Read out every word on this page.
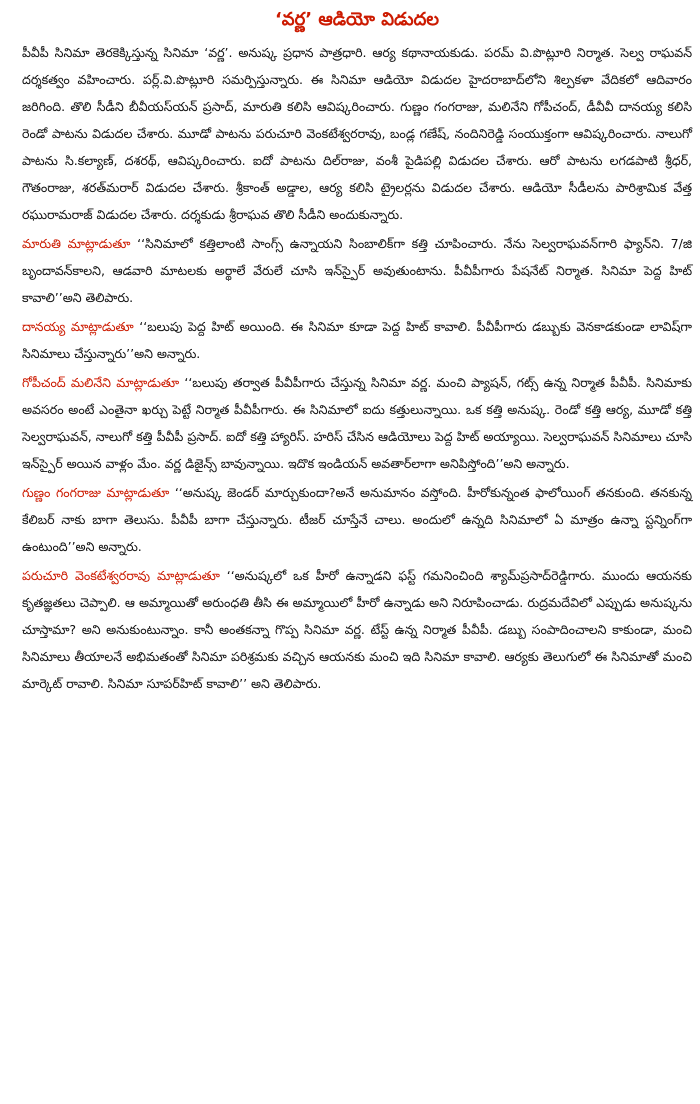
‘వర్ణ’ ఆడియో విడుదల

పీవీపీ సినిమా తెరకెక్కిస్తున్న సినిమా ‘వర్ణ’. అనుష్క ప్రధాన పాత్రధారి. ఆర్య కథానాయకుడు. పరమ్ వి.పొట్లూరి నిర్మాత. సెల్వ రాఘవన్ దర్శకత్వం వహించారు. పర్ల్.వి.పొట్లూరి సమర్పిస్తున్నారు. ఈ సినిమా ఆడియో విడుదల హైదరాబాద్‌లోని శిల్పకళా వేదికలో ఆదివారం జరిగింది. తొలి సీడీని బీవీయస్‌యన్ ప్రసాద్, మారుతి కలిసి ఆవిష్కరించారు. గుణ్ణం గంగరాజు, మలినేని గోపీచంద్, డీవీవీ దానయ్య కలిసి రెండో పాటను విడుదల చేశారు. మూడో పాటను పరుచూరి వెంకటేశ్వరరావు, బండ్ల గణేష్, నందినిరెడ్డి సంయుక్తంగా ఆవిష్కరించారు. నాలుగో పాటను సి.కల్యాణ్, దశరథ్, ఆవిష్కరించారు. ఐదో పాటను దిల్‌రాజు, వంశీ పైడిపల్లి విడుదల చేశారు. ఆరో పాటను లగడపాటి శ్రీధర్, గౌతంరాజు, శరత్‌మరార్ విడుదల చేశారు. శ్రీకాంత్ అడ్డాల, ఆర్య కలిసి ట్రైలర్లను విడుదల చేశారు. ఆడియో సీడీలను పారిశ్రామిక వేత్త రఘురామరాజ్ విడుదల చేశారు. దర్శకుడు శ్రీరాఘవ తొలి సీడీని అందుకున్నారు.

మారుతి మాట్లాడుతూ ‘‘సినిమాలో కత్తిలాంటి సాంగ్స్ ఉన్నాయని సింబాలిక్‌గా కత్తి చూపించారు. నేను సెల్వరాఘవన్‌గారి ఫ్యాన్‌ని. 7/జి బృందావన్‌కాలని, ఆడవారి మాటలకు అర్థాలే వేరులే చూసి ఇన్‌స్పైర్ అవుతుంటాను. పీవీపీగారు పేషనేట్ నిర్మాత. సినిమా పెద్ద హిట్ కావాలి’’అని తెలిపారు.

దానయ్య మాట్లాడుతూ ‘‘బలుపు పెద్ద హిట్ అయింది. ఈ సినిమా కూడా పెద్ద హిట్ కావాలి. పీవీపీగారు డబ్బుకు వెనకాడకుండా లావిష్‌గా సినిమాలు చేస్తున్నారు’’అని అన్నారు.

గోపీచంద్ మలినేని మాట్లాడుతూ ‘‘బలుపు తర్వాత పీవీపీగారు చేస్తున్న సినిమా వర్ణ. మంచి ప్యాషన్, గట్స్ ఉన్న నిర్మాత పీవీపీ. సినిమాకు అవసరం అంటే ఎంతైనా ఖర్చు పెట్టే నిర్మాత పీవీపీగారు. ఈ సినిమాలో ఐదు కత్తులున్నాయి. ఒక కత్తి అనుష్క. రెండో కత్తి ఆర్య, మూడో కత్తి సెల్వరాఘవన్, నాలుగో కత్తి పీవీపీ ప్రసాద్. ఐదో కత్తి హ్యారిస్. హరిస్ చేసిన ఆడియోలు పెద్ద హిట్ అయ్యాయి. సెల్వరాఘవన్ సినిమాలు చూసి ఇన్‌స్పైర్ అయిన వాళ్లం మేం. వర్ణ డిజైన్స్ బావున్నాయి. ఇదొక ఇండియన్ అవతార్‌లాగా అనిపిస్తోంది’’అని అన్నారు.

గుణ్ణం గంగరాజు మాట్లాడుతూ ‘‘అనుష్క జెండర్ మార్చుకుందా?అనే అనుమానం వస్తోంది. హీరోకున్నంత ఫాలోయింగ్ తనకుంది. తనకున్న కేలిబర్ నాకు బాగా తెలుసు. పీవీపీ బాగా చేస్తున్నారు. టీజర్ చూస్తేనే చాలు. అందులో ఉన్నది సినిమాలో ఏ మాత్రం ఉన్నా స్టన్నింగ్‌గా ఉంటుంది’’అని అన్నారు.

పరుచూరి వెంకటేశ్వరరావు మాట్లాడుతూ ‘‘అనుష్కలో ఒక హీరో ఉన్నాడని ఫస్ట్ గమనించింది శ్యామ్‌ప్రసాద్‌రెడ్డిగారు. ముందు ఆయనకు కృతజ్ఞతలు చెప్పాలి. ఆ అమ్మాయితో అరుంధతి తీసి ఈ అమ్మాయిలో హీరో ఉన్నాడు అని నిరూపించాడు. రుద్రమదేవిలో ఎప్పుడు అనుష్కను చూస్తామా? అని అనుకుంటున్నాం. కానీ అంతకన్నా గొప్ప సినిమా వర్ణ. టేస్ట్ ఉన్న నిర్మాత పీవీపీ. డబ్బు సంపాదించాలని కాకుండా, మంచి సినిమాలు తీయాలనే అభిమతంతో సినిమా పరిశ్రమకు వచ్చిన ఆయనకు మంచి ఇది సినిమా కావాలి. ఆర్యకు తెలుగులో ఈ సినిమాతో మంచి మార్కెట్ రావాలి. సినిమా సూపర్‌హిట్ కావాలి’’ అని తెలిపారు.
